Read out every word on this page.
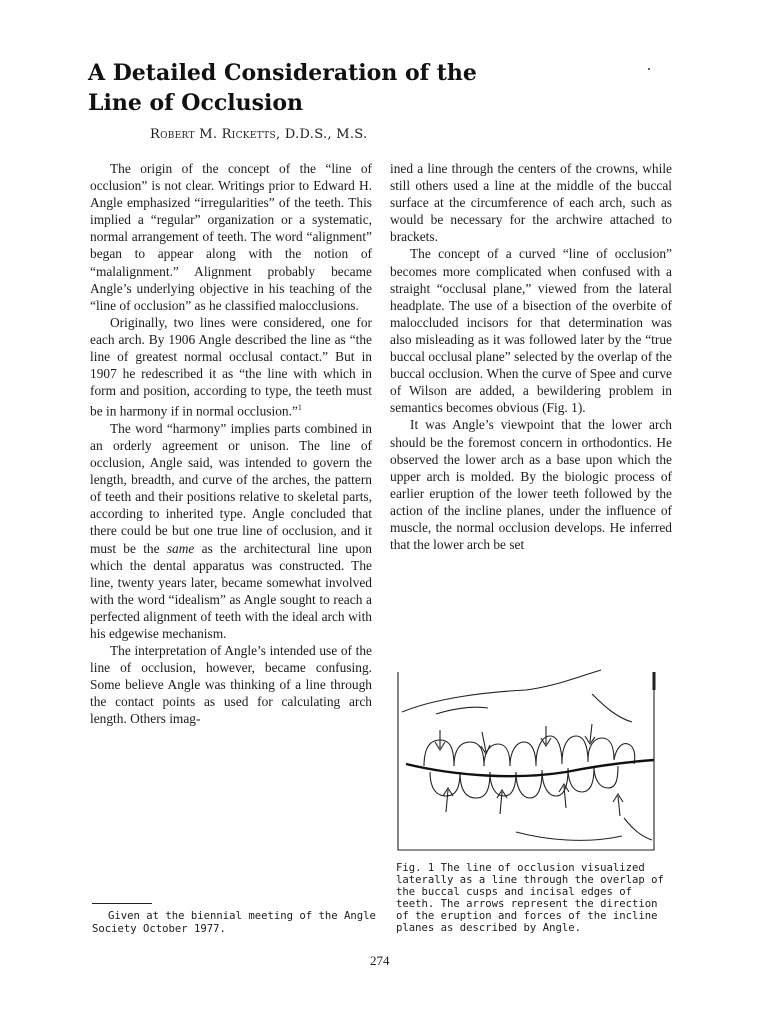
A Detailed Consideration of the
Line of Occlusion

Robert M. Ricketts, D.D.S., M.S.

The origin of the concept of the “line of occlusion” is not clear. Writings prior to Edward H. Angle emphasized “irregularities” of the teeth. This implied a “regular” organization or a systematic, normal arrangement of teeth. The word “alignment” began to appear along with the notion of “malalignment.” Alignment probably became Angle’s underlying objective in his teaching of the “line of occlusion” as he classified malocclusions.

Originally, two lines were considered, one for each arch. By 1906 Angle described the line as “the line of greatest normal occlusal contact.” But in 1907 he redescribed it as “the line with which in form and position, according to type, the teeth must be in harmony if in normal occlusion.”$^1$

The word “harmony” implies parts combined in an orderly agreement or unison. The line of occlusion, Angle said, was intended to govern the length, breadth, and curve of the arches, the pattern of teeth and their positions relative to skeletal parts, according to inherited type. Angle concluded that there could be but one true line of occlusion, and it must be the same as the architectural line upon which the dental apparatus was constructed. The line, twenty years later, became somewhat involved with the word “idealism” as Angle sought to reach a perfected alignment of teeth with the ideal arch with his edgewise mechanism.

The interpretation of Angle’s intended use of the line of occlusion, however, became confusing. Some believe Angle was thinking of a line through the contact points as used for calculating arch length. Others imag-

Given at the biennial meeting of the Angle Society October 1977.

ined a line through the centers of the crowns, while still others used a line at the middle of the buccal surface at the circumference of each arch, such as would be necessary for the archwire attached to brackets.

The concept of a curved “line of occlusion” becomes more complicated when confused with a straight “occlusal plane,” viewed from the lateral headplate. The use of a bisection of the overbite of maloccluded incisors for that determination was also misleading as it was followed later by the “true buccal occlusal plane” selected by the overlap of the buccal occlusion. When the curve of Spee and curve of Wilson are added, a bewildering problem in semantics becomes obvious (Fig. 1).

It was Angle’s viewpoint that the lower arch should be the foremost concern in orthodontics. He observed the lower arch as a base upon which the upper arch is molded. By the biologic process of earlier eruption of the lower teeth followed by the action of the incline planes, under the influence of muscle, the normal occlusion develops. He inferred that the lower arch be set

Fig. 1 The line of occlusion visualized laterally as a line through the overlap of the buccal cusps and incisal edges of teeth. The arrows represent the direction of the eruption and forces of the incline planes as described by Angle.

274
